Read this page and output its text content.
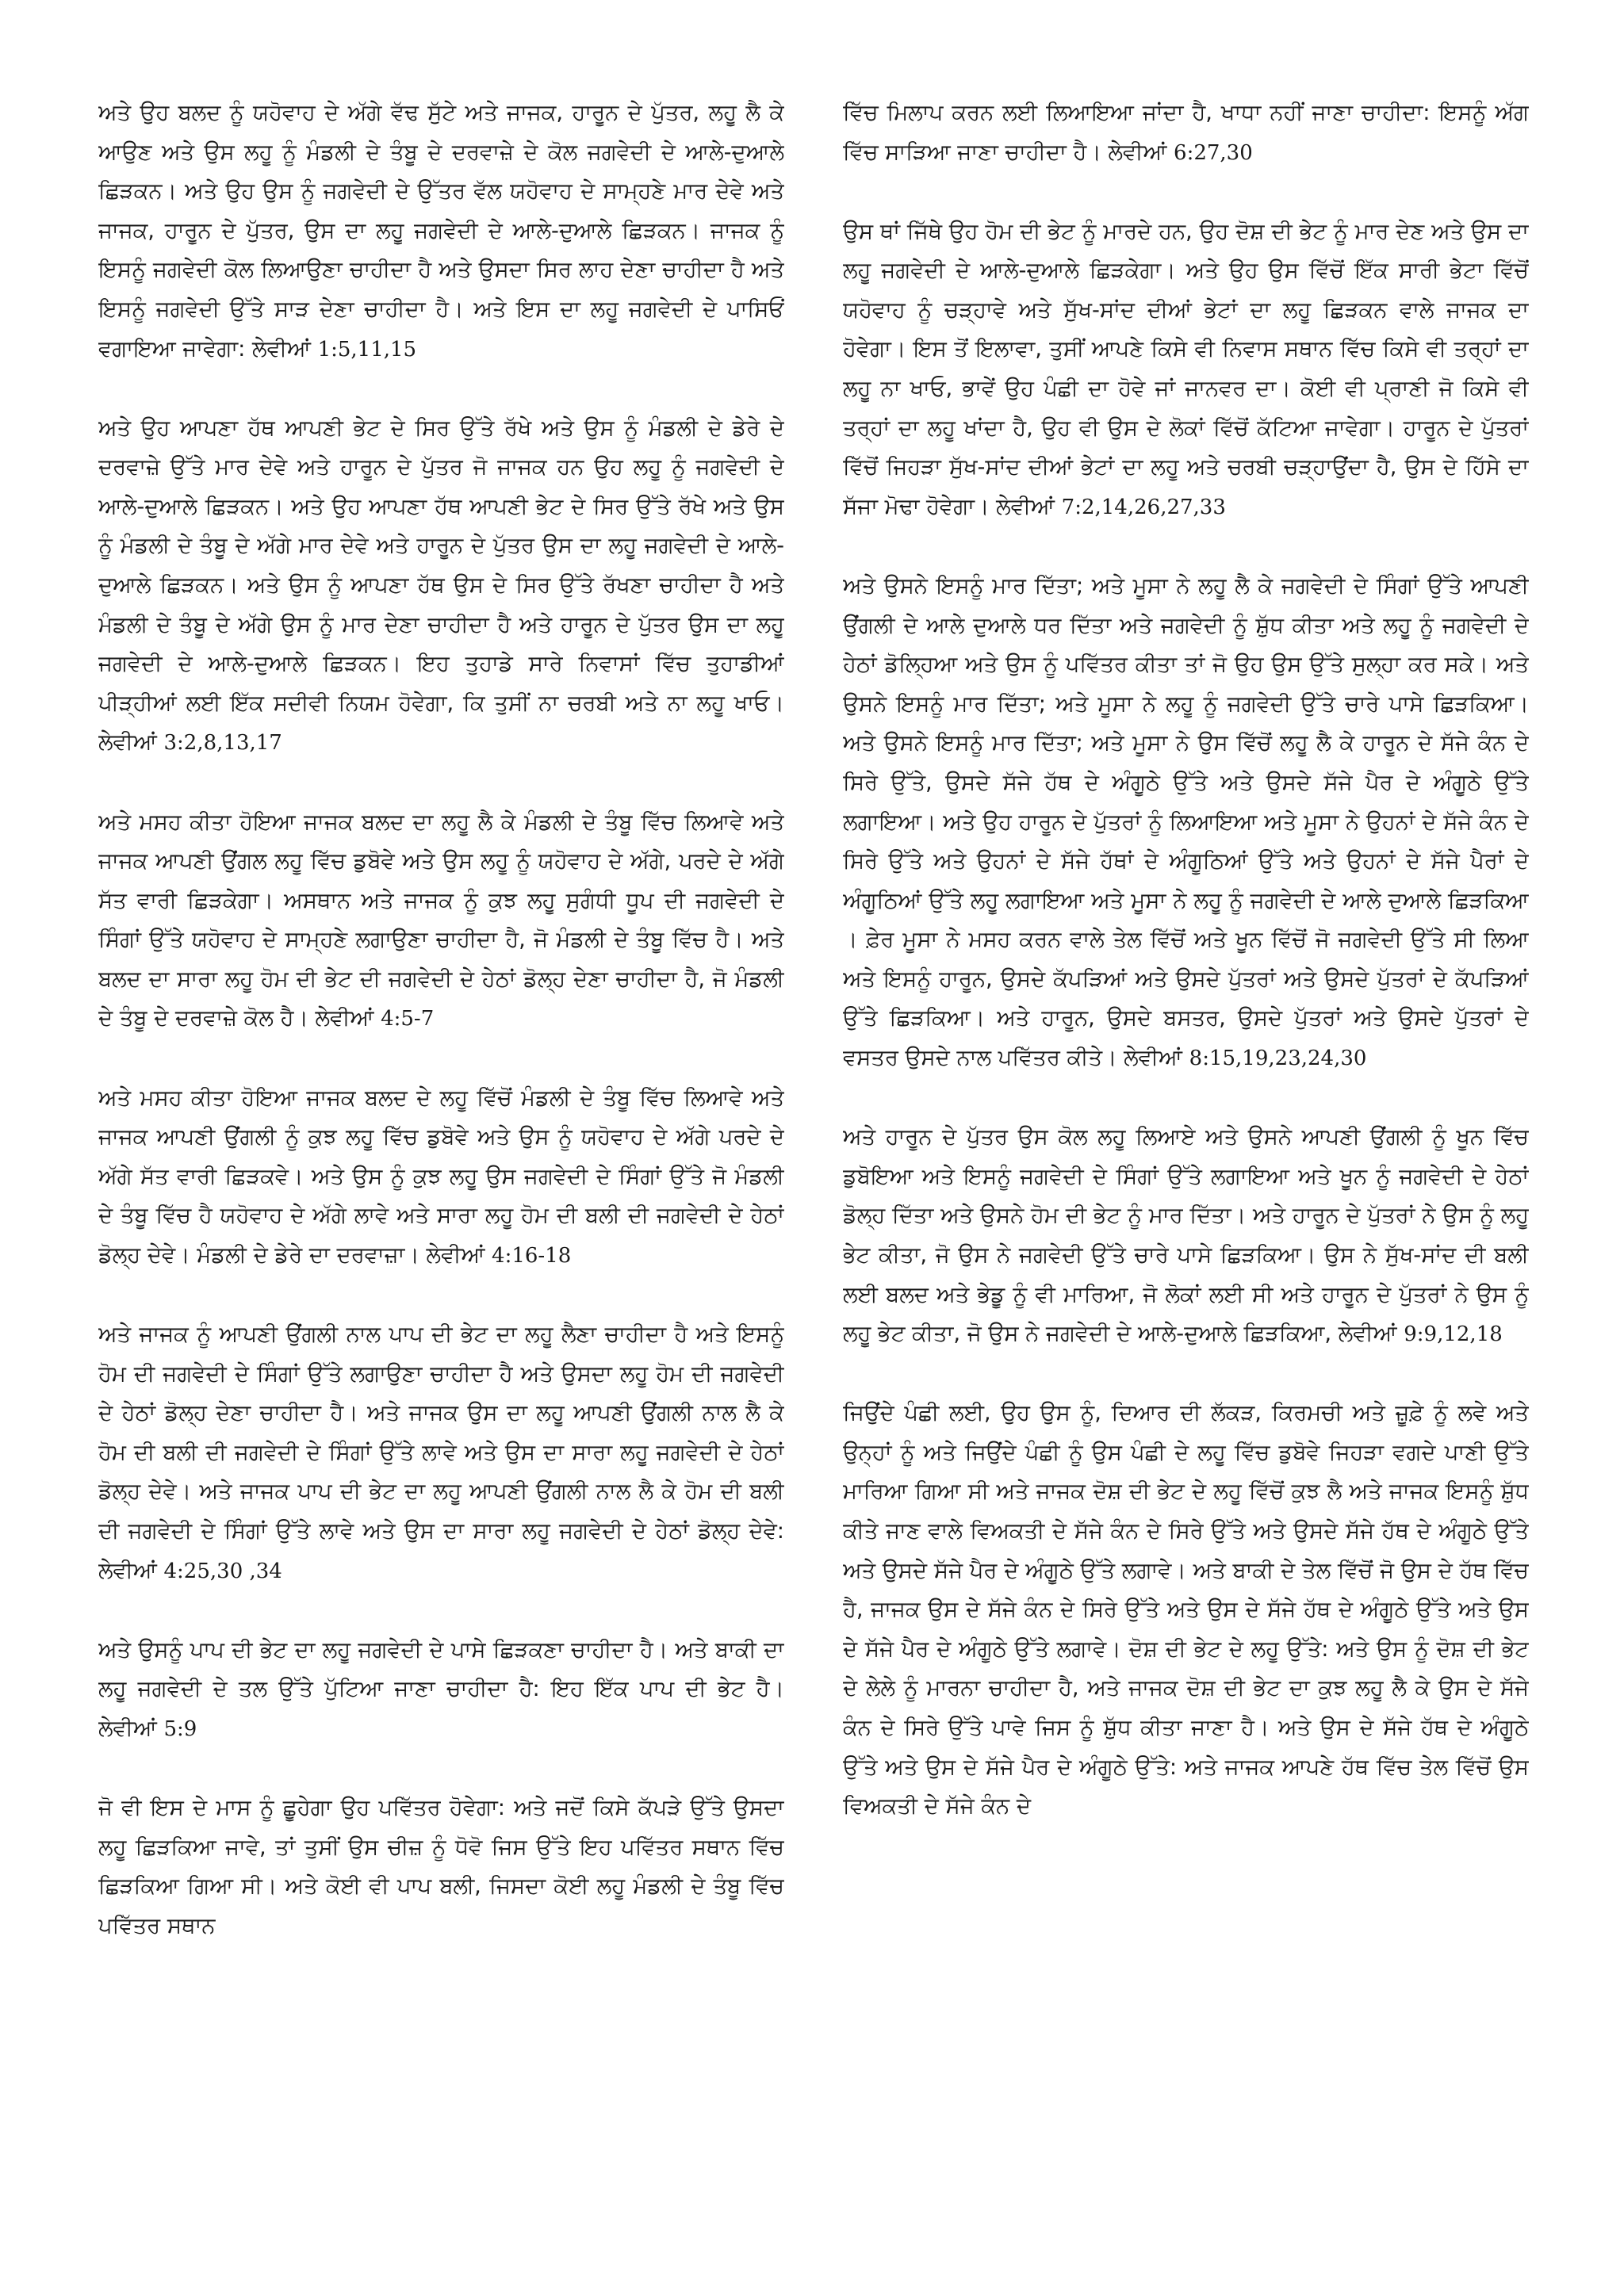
ਅਤੇ ਉਹ ਬਲਦ ਨੂੰ ਯਹੋਵਾਹ ਦੇ ਅੱਗੇ ਵੱਢ ਸੁੱਟੇ ਅਤੇ ਜਾਜਕ, ਹਾਰੂਨ ਦੇ ਪੁੱਤਰ, ਲਹੂ ਲੈ ਕੇ ਆਉਣ ਅਤੇ ਉਸ ਲਹੂ ਨੂੰ ਮੰਡਲੀ ਦੇ ਤੰਬੂ ਦੇ ਦਰਵਾਜ਼ੇ ਦੇ ਕੋਲ ਜਗਵੇਦੀ ਦੇ ਆਲੇ-ਦੁਆਲੇ ਛਿੜਕਨ। ਅਤੇ ਉਹ ਉਸ ਨੂੰ ਜਗਵੇਦੀ ਦੇ ਉੱਤਰ ਵੱਲ ਯਹੋਵਾਹ ਦੇ ਸਾਮ੍ਹਣੇ ਮਾਰ ਦੇਵੇ ਅਤੇ ਜਾਜਕ, ਹਾਰੂਨ ਦੇ ਪੁੱਤਰ, ਉਸ ਦਾ ਲਹੂ ਜਗਵੇਦੀ ਦੇ ਆਲੇ-ਦੁਆਲੇ ਛਿੜਕਨ। ਜਾਜਕ ਨੂੰ ਇਸਨੂੰ ਜਗਵੇਦੀ ਕੋਲ ਲਿਆਉਣਾ ਚਾਹੀਦਾ ਹੈ ਅਤੇ ਉਸਦਾ ਸਿਰ ਲਾਹ ਦੇਣਾ ਚਾਹੀਦਾ ਹੈ ਅਤੇ ਇਸਨੂੰ ਜਗਵੇਦੀ ਉੱਤੇ ਸਾੜ ਦੇਣਾ ਚਾਹੀਦਾ ਹੈ। ਅਤੇ ਇਸ ਦਾ ਲਹੂ ਜਗਵੇਦੀ ਦੇ ਪਾਸਿਓਂ ਵਗਾਇਆ ਜਾਵੇਗਾ: ਲੇਵੀਆਂ 1:5,11,15

ਅਤੇ ਉਹ ਆਪਣਾ ਹੱਥ ਆਪਣੀ ਭੇਟ ਦੇ ਸਿਰ ਉੱਤੇ ਰੱਖੇ ਅਤੇ ਉਸ ਨੂੰ ਮੰਡਲੀ ਦੇ ਡੇਰੇ ਦੇ ਦਰਵਾਜ਼ੇ ਉੱਤੇ ਮਾਰ ਦੇਵੇ ਅਤੇ ਹਾਰੂਨ ਦੇ ਪੁੱਤਰ ਜੋ ਜਾਜਕ ਹਨ ਉਹ ਲਹੂ ਨੂੰ ਜਗਵੇਦੀ ਦੇ ਆਲੇ-ਦੁਆਲੇ ਛਿੜਕਨ। ਅਤੇ ਉਹ ਆਪਣਾ ਹੱਥ ਆਪਣੀ ਭੇਟ ਦੇ ਸਿਰ ਉੱਤੇ ਰੱਖੇ ਅਤੇ ਉਸ ਨੂੰ ਮੰਡਲੀ ਦੇ ਤੰਬੂ ਦੇ ਅੱਗੇ ਮਾਰ ਦੇਵੇ ਅਤੇ ਹਾਰੂਨ ਦੇ ਪੁੱਤਰ ਉਸ ਦਾ ਲਹੂ ਜਗਵੇਦੀ ਦੇ ਆਲੇ-ਦੁਆਲੇ ਛਿੜਕਨ। ਅਤੇ ਉਸ ਨੂੰ ਆਪਣਾ ਹੱਥ ਉਸ ਦੇ ਸਿਰ ਉੱਤੇ ਰੱਖਣਾ ਚਾਹੀਦਾ ਹੈ ਅਤੇ ਮੰਡਲੀ ਦੇ ਤੰਬੂ ਦੇ ਅੱਗੇ ਉਸ ਨੂੰ ਮਾਰ ਦੇਣਾ ਚਾਹੀਦਾ ਹੈ ਅਤੇ ਹਾਰੂਨ ਦੇ ਪੁੱਤਰ ਉਸ ਦਾ ਲਹੂ ਜਗਵੇਦੀ ਦੇ ਆਲੇ-ਦੁਆਲੇ ਛਿੜਕਨ। ਇਹ ਤੁਹਾਡੇ ਸਾਰੇ ਨਿਵਾਸਾਂ ਵਿੱਚ ਤੁਹਾਡੀਆਂ ਪੀੜ੍ਹੀਆਂ ਲਈ ਇੱਕ ਸਦੀਵੀ ਨਿਯਮ ਹੋਵੇਗਾ, ਕਿ ਤੁਸੀਂ ਨਾ ਚਰਬੀ ਅਤੇ ਨਾ ਲਹੂ ਖਾਓ। ਲੇਵੀਆਂ 3:2,8,13,17

ਅਤੇ ਮਸਹ ਕੀਤਾ ਹੋਇਆ ਜਾਜਕ ਬਲਦ ਦਾ ਲਹੂ ਲੈ ਕੇ ਮੰਡਲੀ ਦੇ ਤੰਬੂ ਵਿੱਚ ਲਿਆਵੇ ਅਤੇ ਜਾਜਕ ਆਪਣੀ ਉਂਗਲ ਲਹੂ ਵਿੱਚ ਡੁਬੋਵੇ ਅਤੇ ਉਸ ਲਹੂ ਨੂੰ ਯਹੋਵਾਹ ਦੇ ਅੱਗੇ, ਪਰਦੇ ਦੇ ਅੱਗੇ ਸੱਤ ਵਾਰੀ ਛਿੜਕੇਗਾ। ਅਸਥਾਨ ਅਤੇ ਜਾਜਕ ਨੂੰ ਕੁਝ ਲਹੂ ਸੁਗੰਧੀ ਧੂਪ ਦੀ ਜਗਵੇਦੀ ਦੇ ਸਿੰਗਾਂ ਉੱਤੇ ਯਹੋਵਾਹ ਦੇ ਸਾਮ੍ਹਣੇ ਲਗਾਉਣਾ ਚਾਹੀਦਾ ਹੈ, ਜੋ ਮੰਡਲੀ ਦੇ ਤੰਬੂ ਵਿੱਚ ਹੈ। ਅਤੇ ਬਲਦ ਦਾ ਸਾਰਾ ਲਹੂ ਹੋਮ ਦੀ ਭੇਟ ਦੀ ਜਗਵੇਦੀ ਦੇ ਹੇਠਾਂ ਡੋਲ੍ਹ ਦੇਣਾ ਚਾਹੀਦਾ ਹੈ, ਜੋ ਮੰਡਲੀ ਦੇ ਤੰਬੂ ਦੇ ਦਰਵਾਜ਼ੇ ਕੋਲ ਹੈ। ਲੇਵੀਆਂ 4:5-7

ਅਤੇ ਮਸਹ ਕੀਤਾ ਹੋਇਆ ਜਾਜਕ ਬਲਦ ਦੇ ਲਹੂ ਵਿੱਚੋਂ ਮੰਡਲੀ ਦੇ ਤੰਬੂ ਵਿੱਚ ਲਿਆਵੇ ਅਤੇ ਜਾਜਕ ਆਪਣੀ ਉਂਗਲੀ ਨੂੰ ਕੁਝ ਲਹੂ ਵਿੱਚ ਡੁਬੋਵੇ ਅਤੇ ਉਸ ਨੂੰ ਯਹੋਵਾਹ ਦੇ ਅੱਗੇ ਪਰਦੇ ਦੇ ਅੱਗੇ ਸੱਤ ਵਾਰੀ ਛਿੜਕਵੇ। ਅਤੇ ਉਸ ਨੂੰ ਕੁਝ ਲਹੂ ਉਸ ਜਗਵੇਦੀ ਦੇ ਸਿੰਗਾਂ ਉੱਤੇ ਜੋ ਮੰਡਲੀ ਦੇ ਤੰਬੂ ਵਿੱਚ ਹੈ ਯਹੋਵਾਹ ਦੇ ਅੱਗੇ ਲਾਵੇ ਅਤੇ ਸਾਰਾ ਲਹੂ ਹੋਮ ਦੀ ਬਲੀ ਦੀ ਜਗਵੇਦੀ ਦੇ ਹੇਠਾਂ ਡੋਲ੍ਹ ਦੇਵੇ। ਮੰਡਲੀ ਦੇ ਡੇਰੇ ਦਾ ਦਰਵਾਜ਼ਾ। ਲੇਵੀਆਂ 4:16-18

ਅਤੇ ਜਾਜਕ ਨੂੰ ਆਪਣੀ ਉਂਗਲੀ ਨਾਲ ਪਾਪ ਦੀ ਭੇਟ ਦਾ ਲਹੂ ਲੈਣਾ ਚਾਹੀਦਾ ਹੈ ਅਤੇ ਇਸਨੂੰ ਹੋਮ ਦੀ ਜਗਵੇਦੀ ਦੇ ਸਿੰਗਾਂ ਉੱਤੇ ਲਗਾਉਣਾ ਚਾਹੀਦਾ ਹੈ ਅਤੇ ਉਸਦਾ ਲਹੂ ਹੋਮ ਦੀ ਜਗਵੇਦੀ ਦੇ ਹੇਠਾਂ ਡੋਲ੍ਹ ਦੇਣਾ ਚਾਹੀਦਾ ਹੈ। ਅਤੇ ਜਾਜਕ ਉਸ ਦਾ ਲਹੂ ਆਪਣੀ ਉਂਗਲੀ ਨਾਲ ਲੈ ਕੇ ਹੋਮ ਦੀ ਬਲੀ ਦੀ ਜਗਵੇਦੀ ਦੇ ਸਿੰਗਾਂ ਉੱਤੇ ਲਾਵੇ ਅਤੇ ਉਸ ਦਾ ਸਾਰਾ ਲਹੂ ਜਗਵੇਦੀ ਦੇ ਹੇਠਾਂ ਡੋਲ੍ਹ ਦੇਵੇ। ਅਤੇ ਜਾਜਕ ਪਾਪ ਦੀ ਭੇਟ ਦਾ ਲਹੂ ਆਪਣੀ ਉਂਗਲੀ ਨਾਲ ਲੈ ਕੇ ਹੋਮ ਦੀ ਬਲੀ ਦੀ ਜਗਵੇਦੀ ਦੇ ਸਿੰਗਾਂ ਉੱਤੇ ਲਾਵੇ ਅਤੇ ਉਸ ਦਾ ਸਾਰਾ ਲਹੂ ਜਗਵੇਦੀ ਦੇ ਹੇਠਾਂ ਡੋਲ੍ਹ ਦੇਵੇ: ਲੇਵੀਆਂ 4:25,30 ,34

ਅਤੇ ਉਸਨੂੰ ਪਾਪ ਦੀ ਭੇਟ ਦਾ ਲਹੂ ਜਗਵੇਦੀ ਦੇ ਪਾਸੇ ਛਿੜਕਣਾ ਚਾਹੀਦਾ ਹੈ। ਅਤੇ ਬਾਕੀ ਦਾ ਲਹੂ ਜਗਵੇਦੀ ਦੇ ਤਲ ਉੱਤੇ ਪੁੱਟਿਆ ਜਾਣਾ ਚਾਹੀਦਾ ਹੈ: ਇਹ ਇੱਕ ਪਾਪ ਦੀ ਭੇਟ ਹੈ। ਲੇਵੀਆਂ 5:9

ਜੋ ਵੀ ਇਸ ਦੇ ਮਾਸ ਨੂੰ ਛੂਹੇਗਾ ਉਹ ਪਵਿੱਤਰ ਹੋਵੇਗਾ: ਅਤੇ ਜਦੋਂ ਕਿਸੇ ਕੱਪੜੇ ਉੱਤੇ ਉਸਦਾ ਲਹੂ ਛਿੜਕਿਆ ਜਾਵੇ, ਤਾਂ ਤੁਸੀਂ ਉਸ ਚੀਜ਼ ਨੂੰ ਧੋਵੋ ਜਿਸ ਉੱਤੇ ਇਹ ਪਵਿੱਤਰ ਸਥਾਨ ਵਿੱਚ ਛਿੜਕਿਆ ਗਿਆ ਸੀ। ਅਤੇ ਕੋਈ ਵੀ ਪਾਪ ਬਲੀ, ਜਿਸਦਾ ਕੋਈ ਲਹੂ ਮੰਡਲੀ ਦੇ ਤੰਬੂ ਵਿੱਚ ਪਵਿੱਤਰ ਸਥਾਨ

ਵਿੱਚ ਮਿਲਾਪ ਕਰਨ ਲਈ ਲਿਆਇਆ ਜਾਂਦਾ ਹੈ, ਖਾਧਾ ਨਹੀਂ ਜਾਣਾ ਚਾਹੀਦਾ: ਇਸਨੂੰ ਅੱਗ ਵਿੱਚ ਸਾੜਿਆ ਜਾਣਾ ਚਾਹੀਦਾ ਹੈ। ਲੇਵੀਆਂ 6:27,30

ਉਸ ਥਾਂ ਜਿੱਥੇ ਉਹ ਹੋਮ ਦੀ ਭੇਟ ਨੂੰ ਮਾਰਦੇ ਹਨ, ਉਹ ਦੋਸ਼ ਦੀ ਭੇਟ ਨੂੰ ਮਾਰ ਦੇਣ ਅਤੇ ਉਸ ਦਾ ਲਹੂ ਜਗਵੇਦੀ ਦੇ ਆਲੇ-ਦੁਆਲੇ ਛਿੜਕੇਗਾ। ਅਤੇ ਉਹ ਉਸ ਵਿੱਚੋਂ ਇੱਕ ਸਾਰੀ ਭੇਟਾ ਵਿੱਚੋਂ ਯਹੋਵਾਹ ਨੂੰ ਚੜ੍ਹਾਵੇ ਅਤੇ ਸੁੱਖ-ਸਾਂਦ ਦੀਆਂ ਭੇਟਾਂ ਦਾ ਲਹੂ ਛਿੜਕਨ ਵਾਲੇ ਜਾਜਕ ਦਾ ਹੋਵੇਗਾ। ਇਸ ਤੋਂ ਇਲਾਵਾ, ਤੁਸੀਂ ਆਪਣੇ ਕਿਸੇ ਵੀ ਨਿਵਾਸ ਸਥਾਨ ਵਿੱਚ ਕਿਸੇ ਵੀ ਤਰ੍ਹਾਂ ਦਾ ਲਹੂ ਨਾ ਖਾਓ, ਭਾਵੇਂ ਉਹ ਪੰਛੀ ਦਾ ਹੋਵੇ ਜਾਂ ਜਾਨਵਰ ਦਾ। ਕੋਈ ਵੀ ਪ੍ਰਾਣੀ ਜੋ ਕਿਸੇ ਵੀ ਤਰ੍ਹਾਂ ਦਾ ਲਹੂ ਖਾਂਦਾ ਹੈ, ਉਹ ਵੀ ਉਸ ਦੇ ਲੋਕਾਂ ਵਿੱਚੋਂ ਕੱਟਿਆ ਜਾਵੇਗਾ। ਹਾਰੂਨ ਦੇ ਪੁੱਤਰਾਂ ਵਿੱਚੋਂ ਜਿਹੜਾ ਸੁੱਖ-ਸਾਂਦ ਦੀਆਂ ਭੇਟਾਂ ਦਾ ਲਹੂ ਅਤੇ ਚਰਬੀ ਚੜ੍ਹਾਉਂਦਾ ਹੈ, ਉਸ ਦੇ ਹਿੱਸੇ ਦਾ ਸੱਜਾ ਮੋਢਾ ਹੋਵੇਗਾ। ਲੇਵੀਆਂ 7:2,14,26,27,33

ਅਤੇ ਉਸਨੇ ਇਸਨੂੰ ਮਾਰ ਦਿੱਤਾ; ਅਤੇ ਮੂਸਾ ਨੇ ਲਹੂ ਲੈ ਕੇ ਜਗਵੇਦੀ ਦੇ ਸਿੰਗਾਂ ਉੱਤੇ ਆਪਣੀ ਉਂਗਲੀ ਦੇ ਆਲੇ ਦੁਆਲੇ ਧਰ ਦਿੱਤਾ ਅਤੇ ਜਗਵੇਦੀ ਨੂੰ ਸ਼ੁੱਧ ਕੀਤਾ ਅਤੇ ਲਹੂ ਨੂੰ ਜਗਵੇਦੀ ਦੇ ਹੇਠਾਂ ਡੋਲ੍ਹਿਆ ਅਤੇ ਉਸ ਨੂੰ ਪਵਿੱਤਰ ਕੀਤਾ ਤਾਂ ਜੋ ਉਹ ਉਸ ਉੱਤੇ ਸੁਲ੍ਹਾ ਕਰ ਸਕੇ। ਅਤੇ ਉਸਨੇ ਇਸਨੂੰ ਮਾਰ ਦਿੱਤਾ; ਅਤੇ ਮੂਸਾ ਨੇ ਲਹੂ ਨੂੰ ਜਗਵੇਦੀ ਉੱਤੇ ਚਾਰੇ ਪਾਸੇ ਛਿੜਕਿਆ। ਅਤੇ ਉਸਨੇ ਇਸਨੂੰ ਮਾਰ ਦਿੱਤਾ; ਅਤੇ ਮੂਸਾ ਨੇ ਉਸ ਵਿੱਚੋਂ ਲਹੂ ਲੈ ਕੇ ਹਾਰੂਨ ਦੇ ਸੱਜੇ ਕੰਨ ਦੇ ਸਿਰੇ ਉੱਤੇ, ਉਸਦੇ ਸੱਜੇ ਹੱਥ ਦੇ ਅੰਗੂਠੇ ਉੱਤੇ ਅਤੇ ਉਸਦੇ ਸੱਜੇ ਪੈਰ ਦੇ ਅੰਗੂਠੇ ਉੱਤੇ ਲਗਾਇਆ। ਅਤੇ ਉਹ ਹਾਰੂਨ ਦੇ ਪੁੱਤਰਾਂ ਨੂੰ ਲਿਆਇਆ ਅਤੇ ਮੂਸਾ ਨੇ ਉਹਨਾਂ ਦੇ ਸੱਜੇ ਕੰਨ ਦੇ ਸਿਰੇ ਉੱਤੇ ਅਤੇ ਉਹਨਾਂ ਦੇ ਸੱਜੇ ਹੱਥਾਂ ਦੇ ਅੰਗੂਠਿਆਂ ਉੱਤੇ ਅਤੇ ਉਹਨਾਂ ਦੇ ਸੱਜੇ ਪੈਰਾਂ ਦੇ ਅੰਗੂਠਿਆਂ ਉੱਤੇ ਲਹੂ ਲਗਾਇਆ ਅਤੇ ਮੂਸਾ ਨੇ ਲਹੂ ਨੂੰ ਜਗਵੇਦੀ ਦੇ ਆਲੇ ਦੁਆਲੇ ਛਿੜਕਿਆ । ਫ਼ੇਰ ਮੂਸਾ ਨੇ ਮਸਹ ਕਰਨ ਵਾਲੇ ਤੇਲ ਵਿੱਚੋਂ ਅਤੇ ਖੂਨ ਵਿੱਚੋਂ ਜੋ ਜਗਵੇਦੀ ਉੱਤੇ ਸੀ ਲਿਆ ਅਤੇ ਇਸਨੂੰ ਹਾਰੂਨ, ਉਸਦੇ ਕੱਪੜਿਆਂ ਅਤੇ ਉਸਦੇ ਪੁੱਤਰਾਂ ਅਤੇ ਉਸਦੇ ਪੁੱਤਰਾਂ ਦੇ ਕੱਪੜਿਆਂ ਉੱਤੇ ਛਿੜਕਿਆ। ਅਤੇ ਹਾਰੂਨ, ਉਸਦੇ ਬਸਤਰ, ਉਸਦੇ ਪੁੱਤਰਾਂ ਅਤੇ ਉਸਦੇ ਪੁੱਤਰਾਂ ਦੇ ਵਸਤਰ ਉਸਦੇ ਨਾਲ ਪਵਿੱਤਰ ਕੀਤੇ। ਲੇਵੀਆਂ 8:15,19,23,24,30

ਅਤੇ ਹਾਰੂਨ ਦੇ ਪੁੱਤਰ ਉਸ ਕੋਲ ਲਹੂ ਲਿਆਏ ਅਤੇ ਉਸਨੇ ਆਪਣੀ ਉਂਗਲੀ ਨੂੰ ਖੂਨ ਵਿੱਚ ਡੁਬੋਇਆ ਅਤੇ ਇਸਨੂੰ ਜਗਵੇਦੀ ਦੇ ਸਿੰਗਾਂ ਉੱਤੇ ਲਗਾਇਆ ਅਤੇ ਖੂਨ ਨੂੰ ਜਗਵੇਦੀ ਦੇ ਹੇਠਾਂ ਡੋਲ੍ਹ ਦਿੱਤਾ ਅਤੇ ਉਸਨੇ ਹੋਮ ਦੀ ਭੇਟ ਨੂੰ ਮਾਰ ਦਿੱਤਾ। ਅਤੇ ਹਾਰੂਨ ਦੇ ਪੁੱਤਰਾਂ ਨੇ ਉਸ ਨੂੰ ਲਹੂ ਭੇਟ ਕੀਤਾ, ਜੋ ਉਸ ਨੇ ਜਗਵੇਦੀ ਉੱਤੇ ਚਾਰੇ ਪਾਸੇ ਛਿੜਕਿਆ। ਉਸ ਨੇ ਸੁੱਖ-ਸਾਂਦ ਦੀ ਬਲੀ ਲਈ ਬਲਦ ਅਤੇ ਭੇਡੂ ਨੂੰ ਵੀ ਮਾਰਿਆ, ਜੋ ਲੋਕਾਂ ਲਈ ਸੀ ਅਤੇ ਹਾਰੂਨ ਦੇ ਪੁੱਤਰਾਂ ਨੇ ਉਸ ਨੂੰ ਲਹੂ ਭੇਟ ਕੀਤਾ, ਜੋ ਉਸ ਨੇ ਜਗਵੇਦੀ ਦੇ ਆਲੇ-ਦੁਆਲੇ ਛਿੜਕਿਆ, ਲੇਵੀਆਂ 9:9,12,18

ਜਿਉਂਦੇ ਪੰਛੀ ਲਈ, ਉਹ ਉਸ ਨੂੰ, ਦਿਆਰ ਦੀ ਲੱਕੜ, ਕਿਰਮਚੀ ਅਤੇ ਜ਼ੂਫ਼ੇ ਨੂੰ ਲਵੇ ਅਤੇ ਉਨ੍ਹਾਂ ਨੂੰ ਅਤੇ ਜਿਉਂਦੇ ਪੰਛੀ ਨੂੰ ਉਸ ਪੰਛੀ ਦੇ ਲਹੂ ਵਿੱਚ ਡੁਬੋਵੇ ਜਿਹੜਾ ਵਗਦੇ ਪਾਣੀ ਉੱਤੇ ਮਾਰਿਆ ਗਿਆ ਸੀ ਅਤੇ ਜਾਜਕ ਦੋਸ਼ ਦੀ ਭੇਟ ਦੇ ਲਹੂ ਵਿੱਚੋਂ ਕੁਝ ਲੈ ਅਤੇ ਜਾਜਕ ਇਸਨੂੰ ਸ਼ੁੱਧ ਕੀਤੇ ਜਾਣ ਵਾਲੇ ਵਿਅਕਤੀ ਦੇ ਸੱਜੇ ਕੰਨ ਦੇ ਸਿਰੇ ਉੱਤੇ ਅਤੇ ਉਸਦੇ ਸੱਜੇ ਹੱਥ ਦੇ ਅੰਗੂਠੇ ਉੱਤੇ ਅਤੇ ਉਸਦੇ ਸੱਜੇ ਪੈਰ ਦੇ ਅੰਗੂਠੇ ਉੱਤੇ ਲਗਾਵੇ। ਅਤੇ ਬਾਕੀ ਦੇ ਤੇਲ ਵਿੱਚੋਂ ਜੋ ਉਸ ਦੇ ਹੱਥ ਵਿੱਚ ਹੈ, ਜਾਜਕ ਉਸ ਦੇ ਸੱਜੇ ਕੰਨ ਦੇ ਸਿਰੇ ਉੱਤੇ ਅਤੇ ਉਸ ਦੇ ਸੱਜੇ ਹੱਥ ਦੇ ਅੰਗੂਠੇ ਉੱਤੇ ਅਤੇ ਉਸ ਦੇ ਸੱਜੇ ਪੈਰ ਦੇ ਅੰਗੂਠੇ ਉੱਤੇ ਲਗਾਵੇ। ਦੋਸ਼ ਦੀ ਭੇਟ ਦੇ ਲਹੂ ਉੱਤੇ: ਅਤੇ ਉਸ ਨੂੰ ਦੋਸ਼ ਦੀ ਭੇਟ ਦੇ ਲੇਲੇ ਨੂੰ ਮਾਰਨਾ ਚਾਹੀਦਾ ਹੈ, ਅਤੇ ਜਾਜਕ ਦੋਸ਼ ਦੀ ਭੇਟ ਦਾ ਕੁਝ ਲਹੂ ਲੈ ਕੇ ਉਸ ਦੇ ਸੱਜੇ ਕੰਨ ਦੇ ਸਿਰੇ ਉੱਤੇ ਪਾਵੇ ਜਿਸ ਨੂੰ ਸ਼ੁੱਧ ਕੀਤਾ ਜਾਣਾ ਹੈ। ਅਤੇ ਉਸ ਦੇ ਸੱਜੇ ਹੱਥ ਦੇ ਅੰਗੂਠੇ ਉੱਤੇ ਅਤੇ ਉਸ ਦੇ ਸੱਜੇ ਪੈਰ ਦੇ ਅੰਗੂਠੇ ਉੱਤੇ: ਅਤੇ ਜਾਜਕ ਆਪਣੇ ਹੱਥ ਵਿੱਚ ਤੇਲ ਵਿੱਚੋਂ ਉਸ ਵਿਅਕਤੀ ਦੇ ਸੱਜੇ ਕੰਨ ਦੇ
